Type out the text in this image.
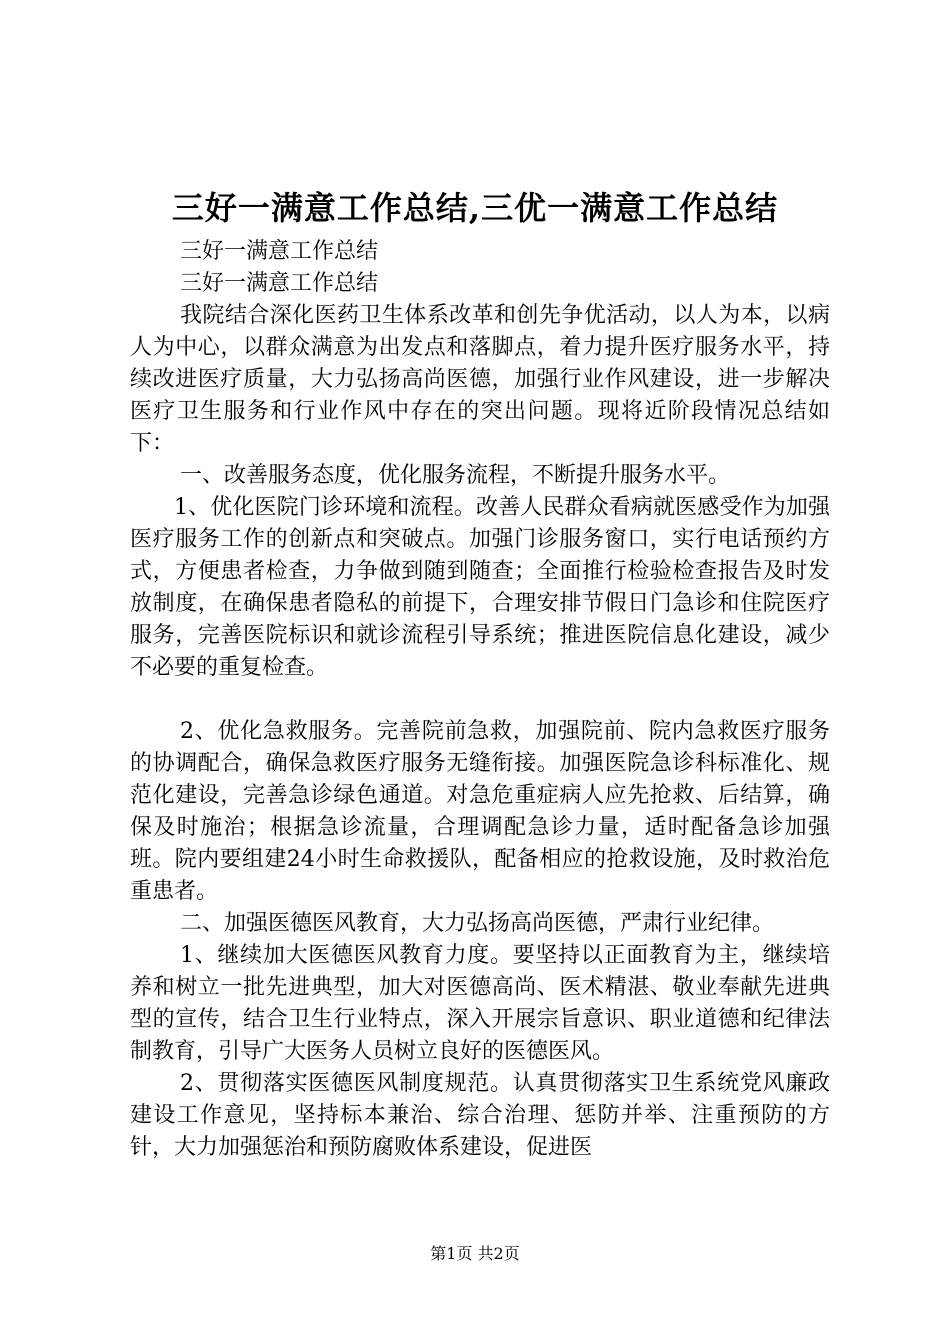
三好一满意工作总结,三优一满意工作总结

三好一满意工作总结

三好一满意工作总结

我院结合深化医药卫生体系改革和创先争优活动，以人为本，以病人为中心，以群众满意为出发点和落脚点，着力提升医疗服务水平，持续改进医疗质量，大力弘扬高尚医德，加强行业作风建设，进一步解决医疗卫生服务和行业作风中存在的突出问题。现将近阶段情况总结如下：

一、改善服务态度，优化服务流程，不断提升服务水平。

1、优化医院门诊环境和流程。改善人民群众看病就医感受作为加强医疗服务工作的创新点和突破点。加强门诊服务窗口，实行电话预约方式，方便患者检查，力争做到随到随查；全面推行检验检查报告及时发放制度，在确保患者隐私的前提下，合理安排节假日门急诊和住院医疗服务，完善医院标识和就诊流程引导系统；推进医院信息化建设，减少不必要的重复检查。

2、优化急救服务。完善院前急救，加强院前、院内急救医疗服务的协调配合，确保急救医疗服务无缝衔接。加强医院急诊科标准化、规范化建设，完善急诊绿色通道。对急危重症病人应先抢救、后结算，确保及时施治；根据急诊流量，合理调配急诊力量，适时配备急诊加强班。院内要组建24小时生命救援队，配备相应的抢救设施，及时救治危重患者。

二、加强医德医风教育，大力弘扬高尚医德，严肃行业纪律。

1、继续加大医德医风教育力度。要坚持以正面教育为主，继续培养和树立一批先进典型，加大对医德高尚、医术精湛、敬业奉献先进典型的宣传，结合卫生行业特点，深入开展宗旨意识、职业道德和纪律法制教育，引导广大医务人员树立良好的医德医风。

2、贯彻落实医德医风制度规范。认真贯彻落实卫生系统党风廉政建设工作意见，坚持标本兼治、综合治理、惩防并举、注重预防的方针，大力加强惩治和预防腐败体系建设，促进医

第1页 共2页
